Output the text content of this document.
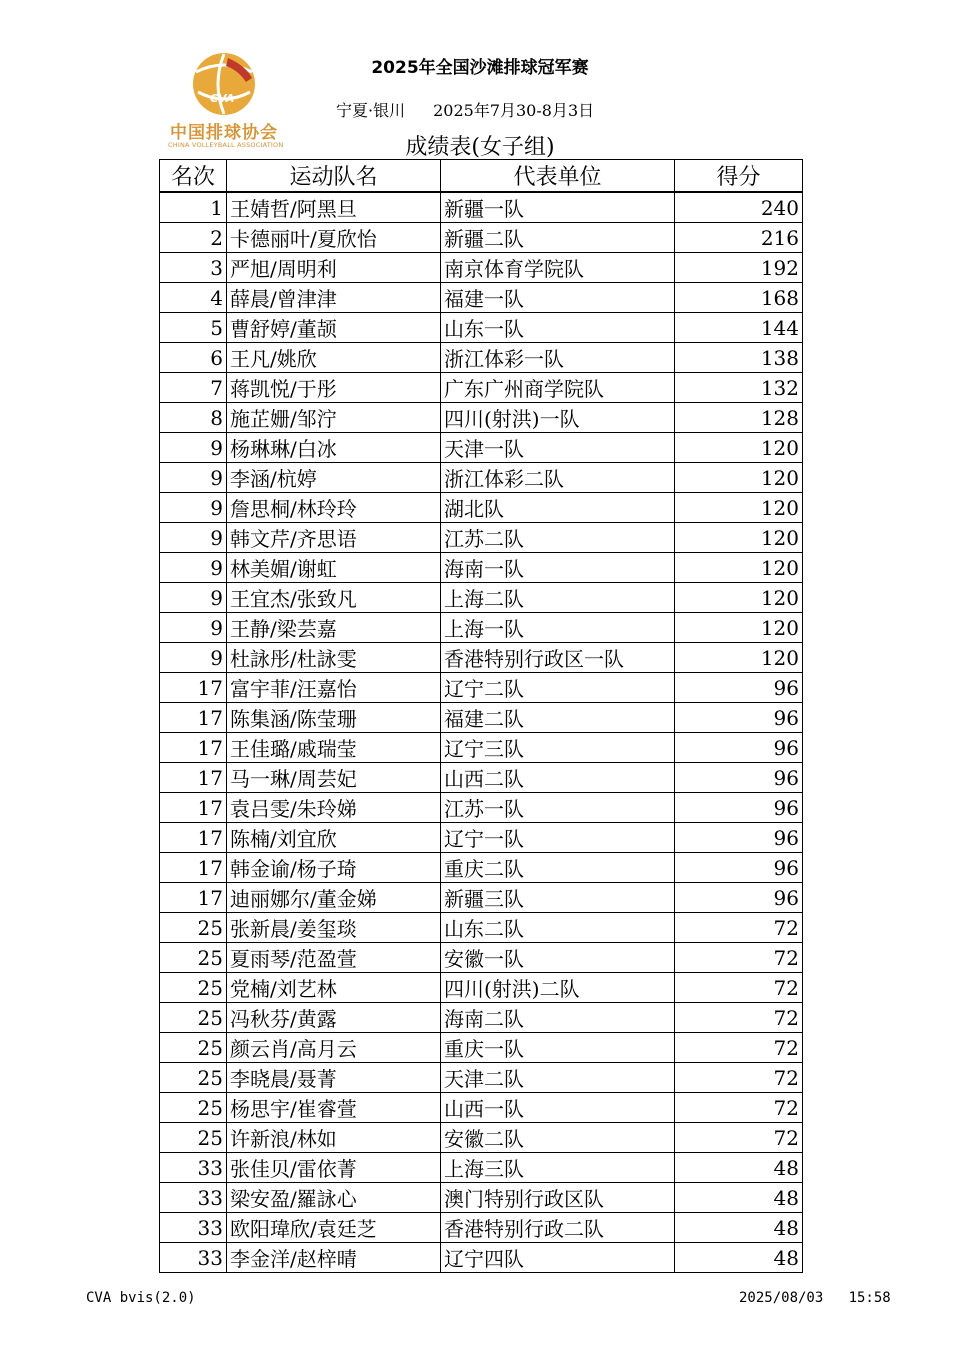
CVA
中国排球协会
CHINA VOLLEYBALL ASSOCIATION
2025年全国沙滩排球冠军赛
宁夏·银川 2025年7月30-8月3日
成绩表(女子组)
名次	运动队名	代表单位	得分
1	王婧哲/阿黑旦	新疆一队	240
2	卡德丽叶/夏欣怡	新疆二队	216
3	严旭/周明利	南京体育学院队	192
4	薛晨/曾津津	福建一队	168
5	曹舒婷/董颉	山东一队	144
6	王凡/姚欣	浙江体彩一队	138
7	蒋凯悦/于彤	广东广州商学院队	132
8	施芷姗/邹泞	四川(射洪)一队	128
9	杨琳琳/白冰	天津一队	120
9	李涵/杭婷	浙江体彩二队	120
9	詹思桐/林玲玲	湖北队	120
9	韩文芹/齐思语	江苏二队	120
9	林美媚/谢虹	海南一队	120
9	王宜杰/张致凡	上海二队	120
9	王静/梁芸嘉	上海一队	120
9	杜詠彤/杜詠雯	香港特别行政区一队	120
17	富宇菲/汪嘉怡	辽宁二队	96
17	陈集涵/陈莹珊	福建二队	96
17	王佳璐/戚瑞莹	辽宁三队	96
17	马一琳/周芸妃	山西二队	96
17	袁吕雯/朱玲娣	江苏一队	96
17	陈楠/刘宜欣	辽宁一队	96
17	韩金谕/杨子琦	重庆二队	96
17	迪丽娜尔/董金娣	新疆三队	96
25	张新晨/姜玺琰	山东二队	72
25	夏雨琴/范盈萱	安徽一队	72
25	党楠/刘艺林	四川(射洪)二队	72
25	冯秋芬/黄露	海南二队	72
25	颜云肖/高月云	重庆一队	72
25	李晓晨/聂菁	天津二队	72
25	杨思宇/崔睿萱	山西一队	72
25	许新浪/林如	安徽二队	72
33	张佳贝/雷依菁	上海三队	48
33	梁安盈/羅詠心	澳门特别行政区队	48
33	欧阳瑋欣/袁廷芝	香港特别行政二队	48
33	李金洋/赵梓晴	辽宁四队	48
CVA bvis(2.0)	2025/08/03   15:58
